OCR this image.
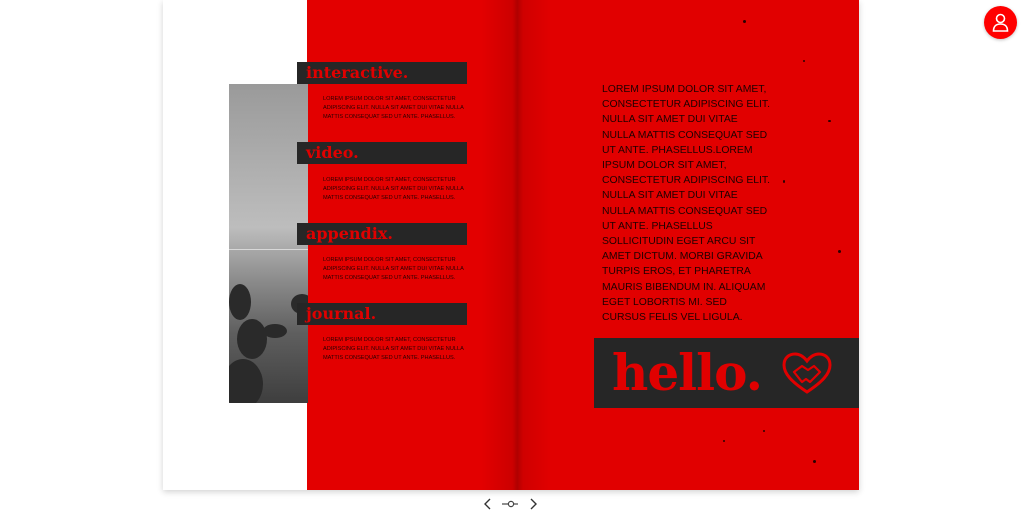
interactive.
LOREM IPSUM DOLOR SIT AMET, CONSECTETUR ADIPISCING ELIT. NULLA SIT AMET DUI VITAE NULLA MATTIS CONSEQUAT SED UT ANTE. PHASELLUS.
video.
LOREM IPSUM DOLOR SIT AMET, CONSECTETUR ADIPISCING ELIT. NULLA SIT AMET DUI VITAE NULLA MATTIS CONSEQUAT SED UT ANTE. PHASELLUS.
appendix.
LOREM IPSUM DOLOR SIT AMET, CONSECTETUR ADIPISCING ELIT. NULLA SIT AMET DUI VITAE NULLA MATTIS CONSEQUAT SED UT ANTE. PHASELLUS.
journal.
LOREM IPSUM DOLOR SIT AMET, CONSECTETUR ADIPISCING ELIT. NULLA SIT AMET DUI VITAE NULLA MATTIS CONSEQUAT SED UT ANTE. PHASELLUS.
LOREM IPSUM DOLOR SIT AMET, CONSECTETUR ADIPISCING ELIT. NULLA SIT AMET DUI VITAE NULLA MATTIS CONSEQUAT SED UT ANTE. PHASELLUS.LOREM IPSUM DOLOR SIT AMET, CONSECTETUR ADIPISCING ELIT. NULLA SIT AMET DUI VITAE NULLA MATTIS CONSEQUAT SED UT ANTE. PHASELLUS SOLLICITUDIN EGET ARCU SIT AMET DICTUM. MORBI GRAVIDA TURPIS EROS, ET PHARETRA MAURIS BIBENDUM IN. ALIQUAM EGET LOBORTIS MI. SED CURSUS FELIS VEL LIGULA.
hello.
